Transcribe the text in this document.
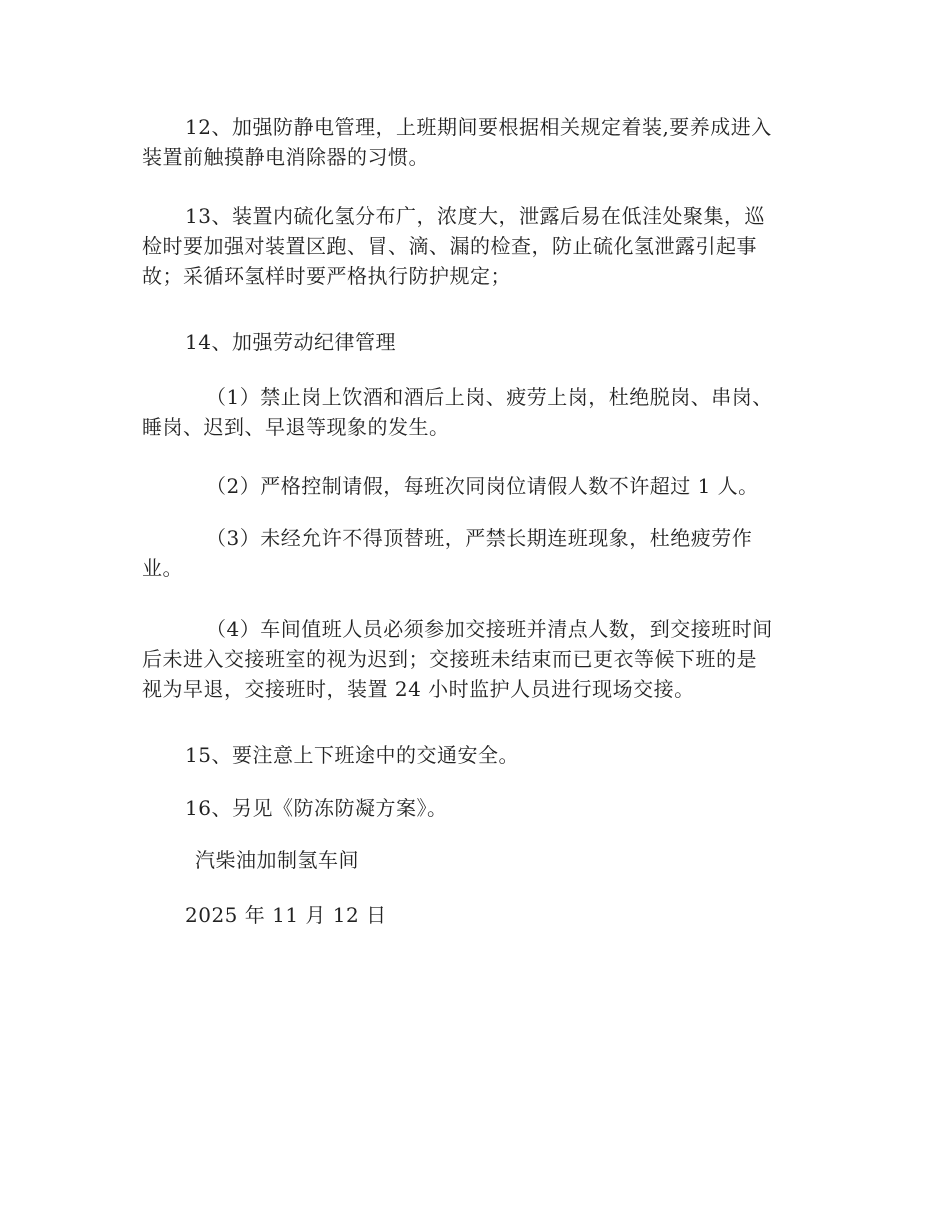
12、加强防静电管理，上班期间要根据相关规定着装,要养成进入
装置前触摸静电消除器的习惯。
13、装置内硫化氢分布广，浓度大，泄露后易在低洼处聚集，巡
检时要加强对装置区跑、冒、滴、漏的检查，防止硫化氢泄露引起事
故；采循环氢样时要严格执行防护规定；
14、加强劳动纪律管理
（1）禁止岗上饮酒和酒后上岗、疲劳上岗，杜绝脱岗、串岗、
睡岗、迟到、早退等现象的发生。
（2）严格控制请假，每班次同岗位请假人数不许超过 1 人。
（3）未经允许不得顶替班，严禁长期连班现象，杜绝疲劳作
业。
（4）车间值班人员必须参加交接班并清点人数，到交接班时间
后未进入交接班室的视为迟到；交接班未结束而已更衣等候下班的是
视为早退，交接班时，装置 24 小时监护人员进行现场交接。
15、要注意上下班途中的交通安全。
16、另见《防冻防凝方案》。
汽柴油加制氢车间
2025 年 11 月 12 日
